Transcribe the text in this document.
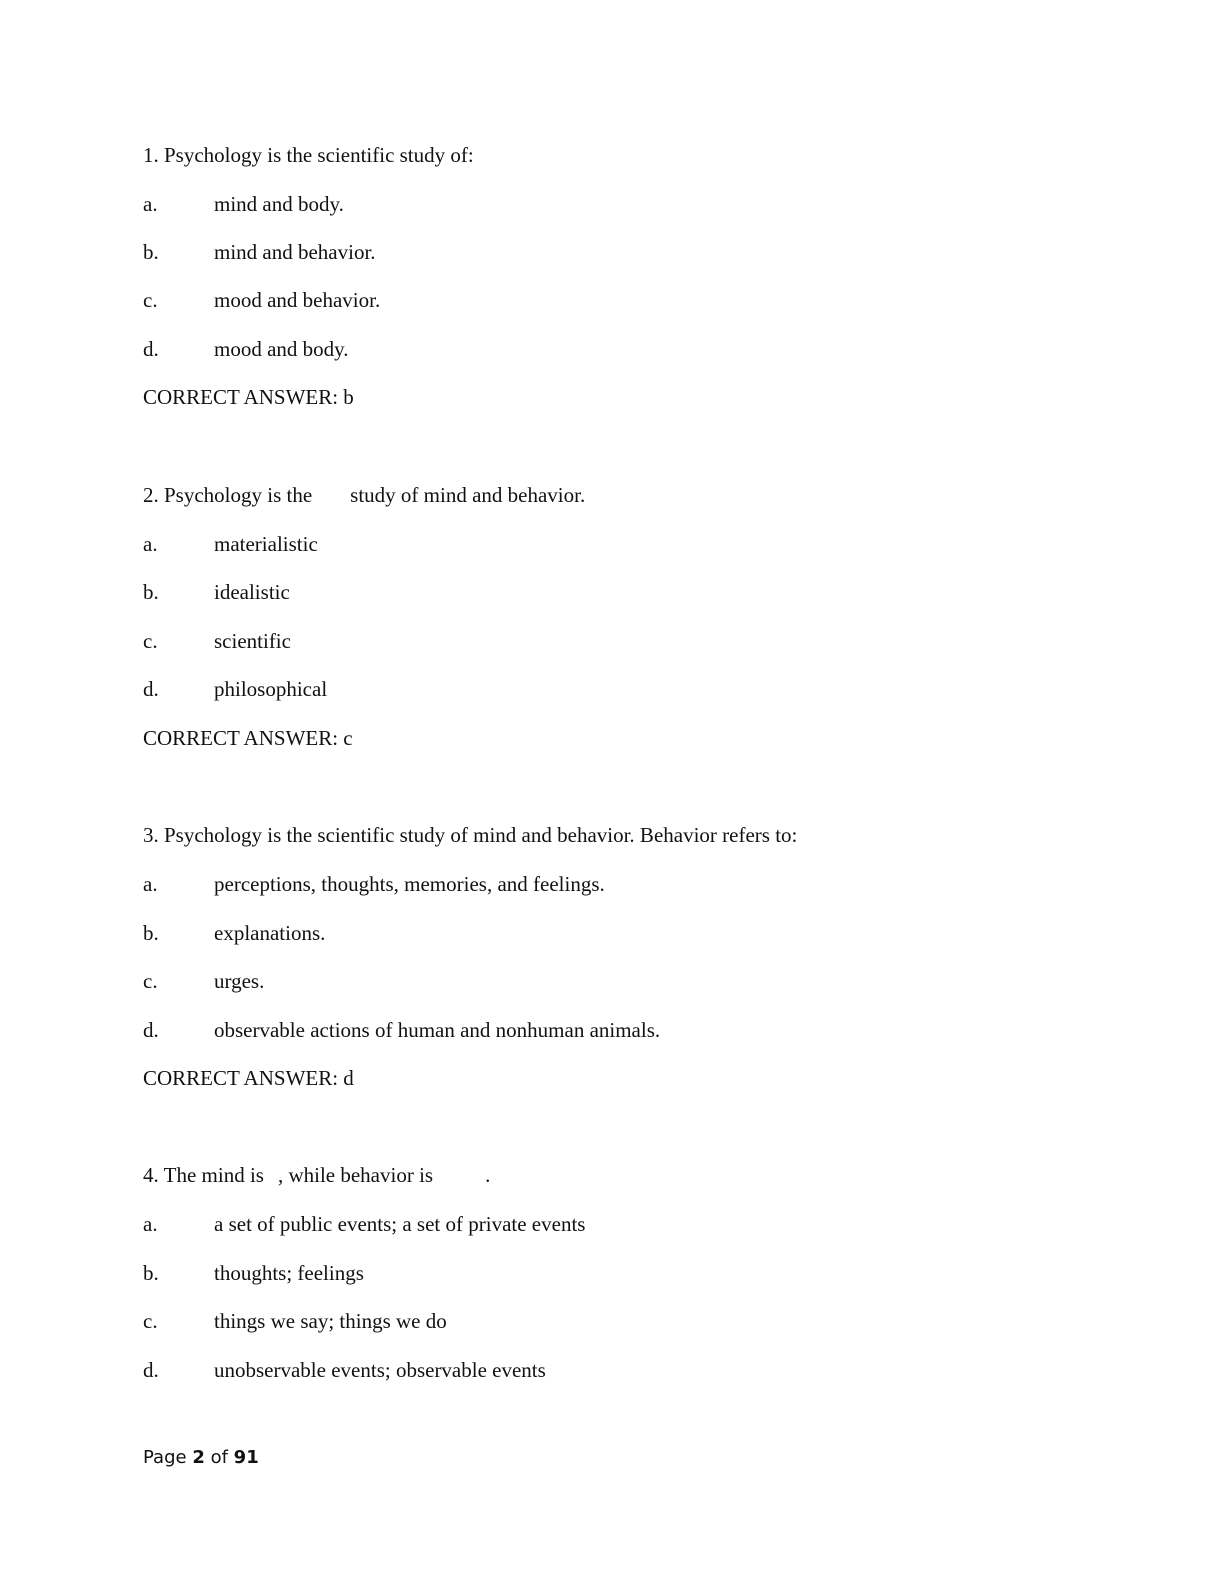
1. Psychology is the scientific study of:
a.	mind and body.
b.	mind and behavior.
c.	mood and behavior.
d.	mood and body.
CORRECT ANSWER: b
2. Psychology is the study of mind and behavior.
a.	materialistic
b.	idealistic
c.	scientific
d.	philosophical
CORRECT ANSWER: c
3. Psychology is the scientific study of mind and behavior. Behavior refers to:
a.	perceptions, thoughts, memories, and feelings.
b.	explanations.
c.	urges.
d.	observable actions of human and nonhuman animals.
CORRECT ANSWER: d
4. The mind is , while behavior is .
a.	a set of public events; a set of private events
b.	thoughts; feelings
c.	things we say; things we do
d.	unobservable events; observable events
Page 2 of 91
